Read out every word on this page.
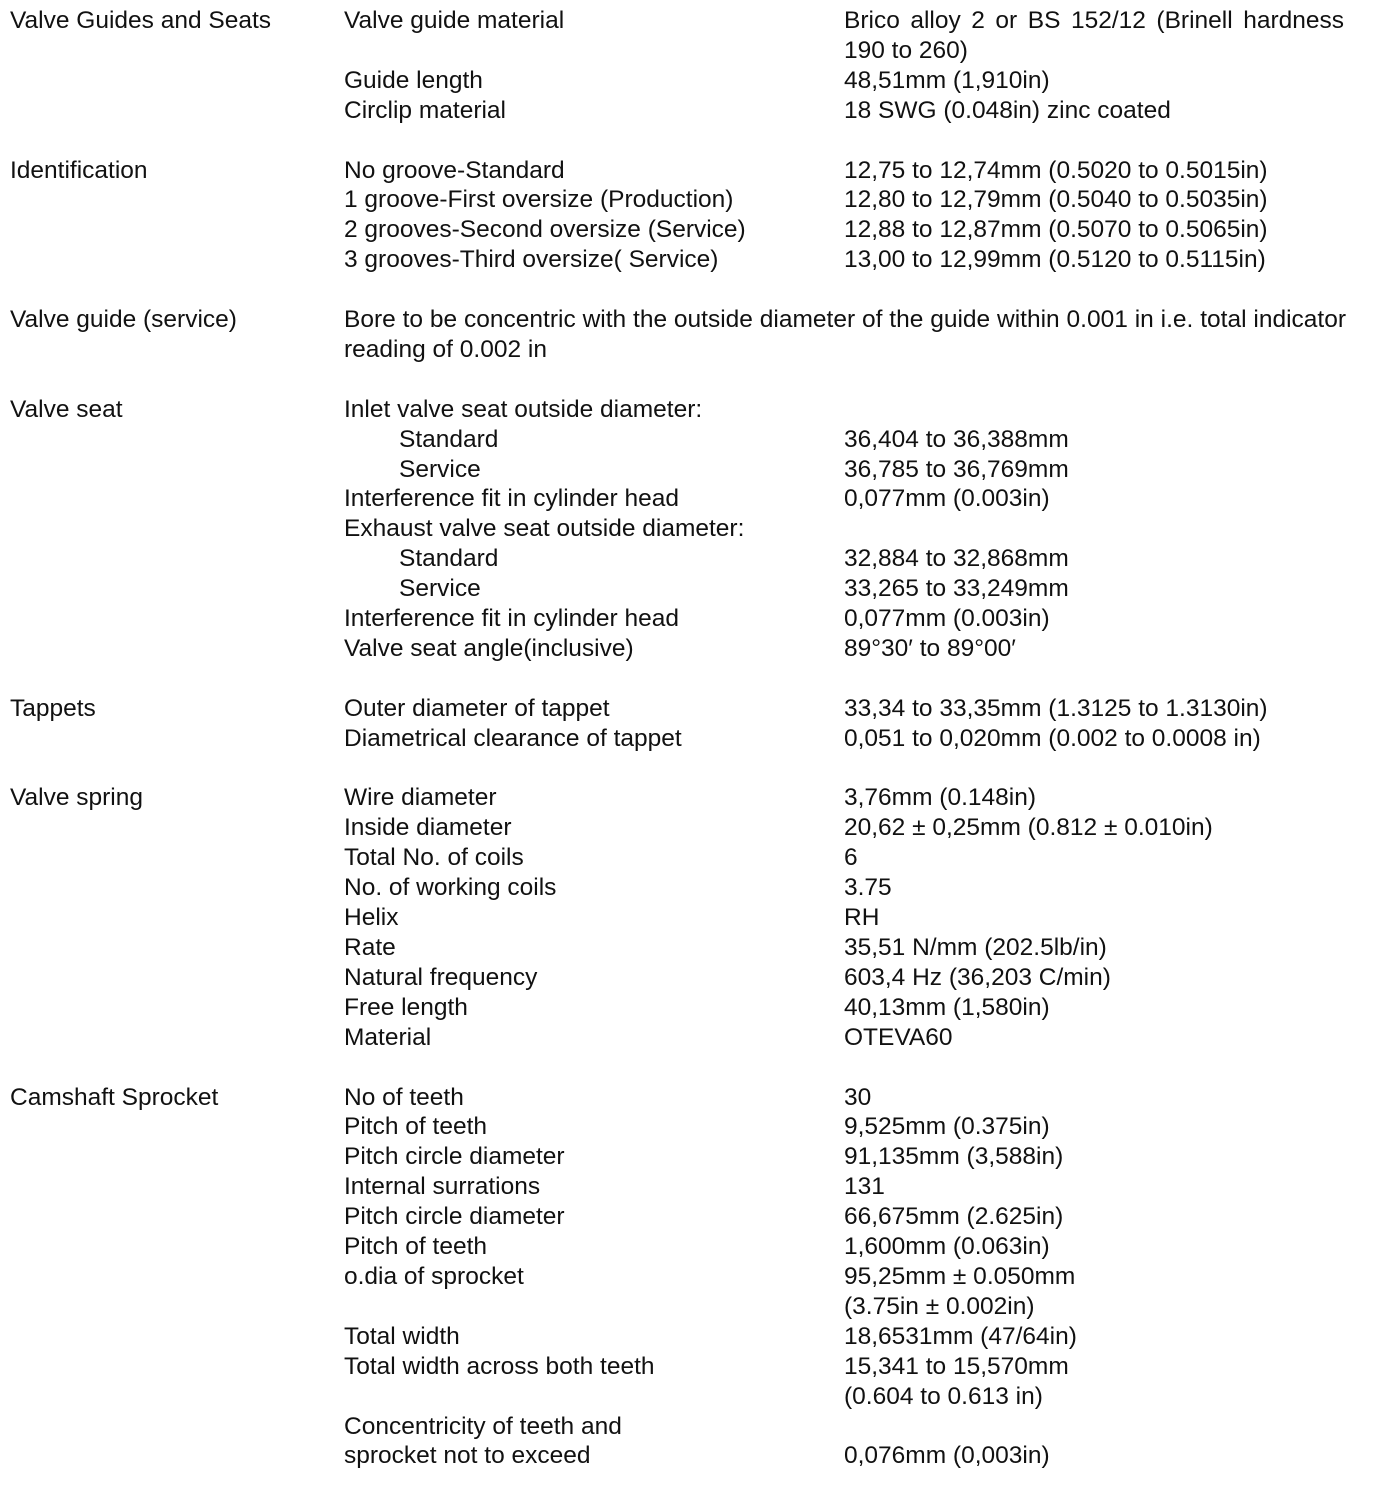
Valve Guides and Seats	Valve guide material	Brico alloy 2 or BS 152/12 (Brinell hardness 190 to 260)
Guide length	48,51mm (1,910in)
Circlip material	18 SWG (0.048in) zinc coated
Identification	No groove-Standard	12,75 to 12,74mm (0.5020 to 0.5015in)
1 groove-First oversize (Production)	12,80 to 12,79mm (0.5040 to 0.5035in)
2 grooves-Second oversize (Service)	12,88 to 12,87mm (0.5070 to 0.5065in)
3 grooves-Third oversize( Service)	13,00 to 12,99mm (0.5120 to 0.5115in)
Valve guide (service)	Bore to be concentric with the outside diameter of the guide within 0.001 in i.e. total indicator reading of 0.002 in
Valve seat	Inlet valve seat outside diameter:
Standard	36,404 to 36,388mm
Service	36,785 to 36,769mm
Interference fit in cylinder head	0,077mm (0.003in)
Exhaust valve seat outside diameter:
Standard	32,884 to 32,868mm
Service	33,265 to 33,249mm
Interference fit in cylinder head	0,077mm (0.003in)
Valve seat angle(inclusive)	89°30′ to 89°00′
Tappets	Outer diameter of tappet	33,34 to 33,35mm (1.3125 to 1.3130in)
Diametrical clearance of tappet	0,051 to 0,020mm (0.002 to 0.0008 in)
Valve spring	Wire diameter	3,76mm (0.148in)
Inside diameter	20,62 ± 0,25mm (0.812 ± 0.010in)
Total No. of coils	6
No. of working coils	3.75
Helix	RH
Rate	35,51 N/mm (202.5lb/in)
Natural frequency	603,4 Hz (36,203 C/min)
Free length	40,13mm (1,580in)
Material	OTEVA60
Camshaft Sprocket	No of teeth	30
Pitch of teeth	9,525mm (0.375in)
Pitch circle diameter	91,135mm (3,588in)
Internal surrations	131
Pitch circle diameter	66,675mm (2.625in)
Pitch of teeth	1,600mm (0.063in)
o.dia of sprocket	95,25mm ± 0.050mm
(3.75in ± 0.002in)
Total width	18,6531mm (47/64in)
Total width across both teeth	15,341 to 15,570mm
(0.604 to 0.613 in)
Concentricity of teeth and
sprocket not to exceed
	0,076mm (0,003in)
